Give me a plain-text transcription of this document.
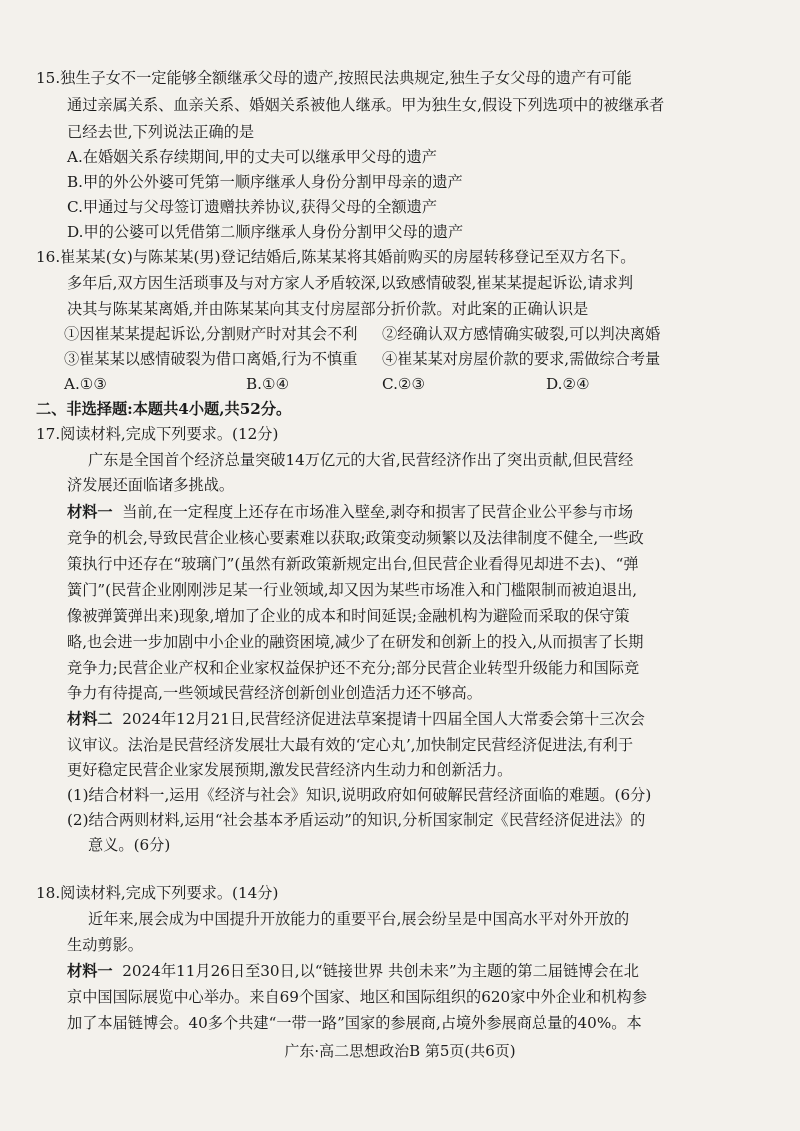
15.独生子女不一定能够全额继承父母的遗产,按照民法典规定,独生子女父母的遗产有可能
通过亲属关系、血亲关系、婚姻关系被他人继承。甲为独生女,假设下列选项中的被继承者
已经去世,下列说法正确的是
A.在婚姻关系存续期间,甲的丈夫可以继承甲父母的遗产
B.甲的外公外婆可凭第一顺序继承人身份分割甲母亲的遗产
C.甲通过与父母签订遗赠扶养协议,获得父母的全额遗产
D.甲的公婆可以凭借第二顺序继承人身份分割甲父母的遗产
16.崔某某(女)与陈某某(男)登记结婚后,陈某某将其婚前购买的房屋转移登记至双方名下。
多年后,双方因生活琐事及与对方家人矛盾较深,以致感情破裂,崔某某提起诉讼,请求判
决其与陈某某离婚,并由陈某某向其支付房屋部分折价款。对此案的正确认识是
①因崔某某提起诉讼,分割财产时对其会不利 ②经确认双方感情确实破裂,可以判决离婚
③崔某某以感情破裂为借口离婚,行为不慎重 ④崔某某对房屋价款的要求,需做综合考量
A.①③	B.①④	C.②③	D.②④
二、非选择题:本题共4小题,共52分。
17.阅读材料,完成下列要求。(12分)
广东是全国首个经济总量突破14万亿元的大省,民营经济作出了突出贡献,但民营经
济发展还面临诸多挑战。
材料一 当前,在一定程度上还存在市场准入壁垒,剥夺和损害了民营企业公平参与市场
竞争的机会,导致民营企业核心要素难以获取;政策变动频繁以及法律制度不健全,一些政
策执行中还存在“玻璃门”(虽然有新政策新规定出台,但民营企业看得见却进不去)、“弹
簧门”(民营企业刚刚涉足某一行业领域,却又因为某些市场准入和门槛限制而被迫退出,
像被弹簧弹出来)现象,增加了企业的成本和时间延误;金融机构为避险而采取的保守策
略,也会进一步加剧中小企业的融资困境,减少了在研发和创新上的投入,从而损害了长期
竞争力;民营企业产权和企业家权益保护还不充分;部分民营企业转型升级能力和国际竞
争力有待提高,一些领域民营经济创新创业创造活力还不够高。
材料二 2024年12月21日,民营经济促进法草案提请十四届全国人大常委会第十三次会
议审议。法治是民营经济发展壮大最有效的‘定心丸’,加快制定民营经济促进法,有利于
更好稳定民营企业家发展预期,激发民营经济内生动力和创新活力。
(1)结合材料一,运用《经济与社会》知识,说明政府如何破解民营经济面临的难题。(6分)
(2)结合两则材料,运用“社会基本矛盾运动”的知识,分析国家制定《民营经济促进法》的
意义。(6分)
18.阅读材料,完成下列要求。(14分)
近年来,展会成为中国提升开放能力的重要平台,展会纷呈是中国高水平对外开放的
生动剪影。
材料一 2024年11月26日至30日,以“链接世界 共创未来”为主题的第二届链博会在北
京中国国际展览中心举办。来自69个国家、地区和国际组织的620家中外企业和机构参
加了本届链博会。40多个共建“一带一路”国家的参展商,占境外参展商总量的40%。本
广东·高二思想政治B 第5页(共6页)
